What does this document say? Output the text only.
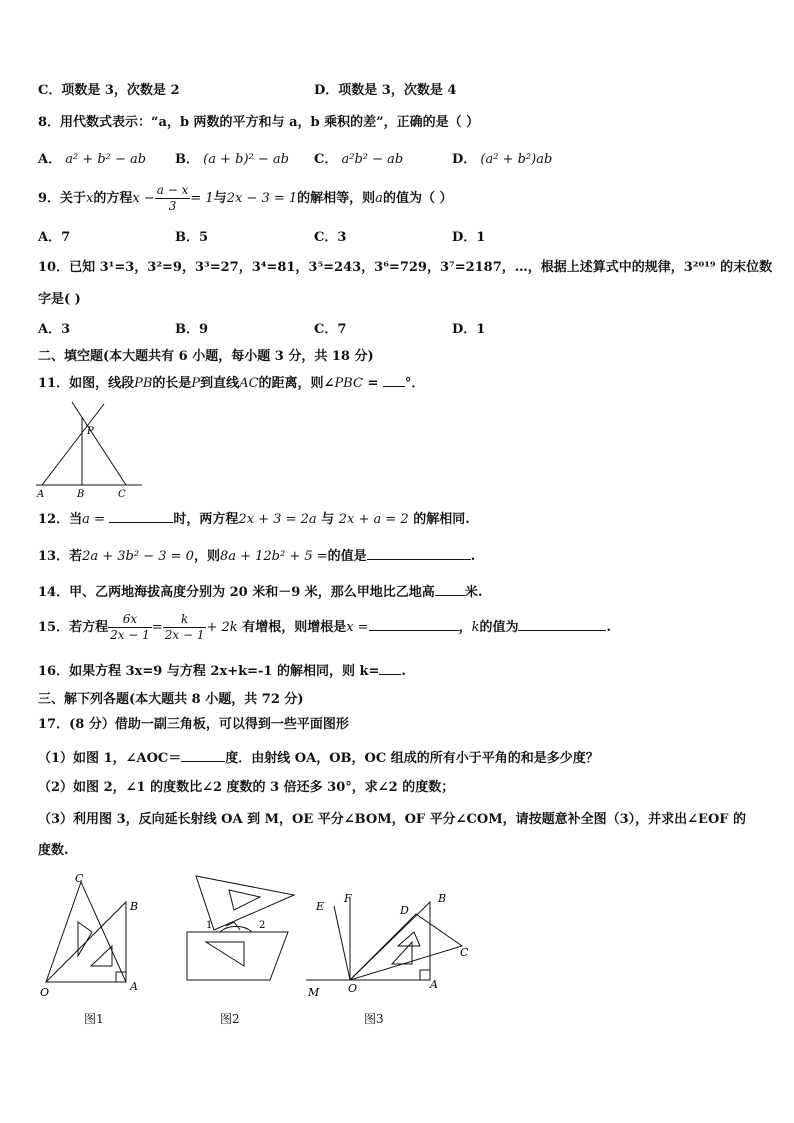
C．项数是 3，次数是 2	D．项数是 3，次数是 4
8．用代数式表示：“a，b 两数的平方和与 a，b 乘积的差”，正确的是（ ）
A． a² + b² − ab B． (a + b)² − ab C． a²b² − ab	D． (a² + b²)ab
9．关于x的方程$x - \frac{a - x}{3} = 1$与2x − 3 = 1的解相等，则a的值为（ ）
A．7	B．5	C．3	D．1
10．已知 3¹=3，3²=9，3³=27，3⁴=81，3⁵=243，3⁶=729，3⁷=2187，…，根据上述算式中的规律，3²⁰¹⁹ 的末位数
字是( )
A．3	B．9	C．7	D．1
二、填空题(本大题共有 6 小题，每小题 3 分，共 18 分)
11．如图，线段PB的长是P到直线AC的距离，则∠PBC = °．
P
A	B	C
12．当a =	时，两方程2x + 3 = 2a 与 2x + a = 2 的解相同.
13．若2a + 3b² − 3 = 0，则8a + 12b² + 5 =的值是	.
14．甲、乙两地海拔高度分别为 20 米和－9 米，那么甲地比乙地高 米.
15．若方程 $\frac{6x}{2x - 1} = \frac{k}{2x - 1} + 2k$ 有增根，则增根是x =	，k的值为	.
16．如果方程 3x=9 与方程 2x+k=-1 的解相同，则 k= .
三、解下列各题(本大题共 8 小题，共 72 分)
17．(8 分）借助一副三角板，可以得到一些平面图形
（1）如图 1，∠AOC＝	度．由射线 OA，OB，OC 组成的所有小于平角的和是多少度？
（2）如图 2，∠1 的度数比∠2 度数的 3 倍还多 30°，求∠2 的度数；
（3）利用图 3，反向延长射线 OA 到 M，OE 平分∠BOM，OF 平分∠COM，请按题意补全图（3），并求出∠EOF 的
度数.
C
B
O	A
图1
1	2
图2
E
F
D
B
C
M	O	A
图3
